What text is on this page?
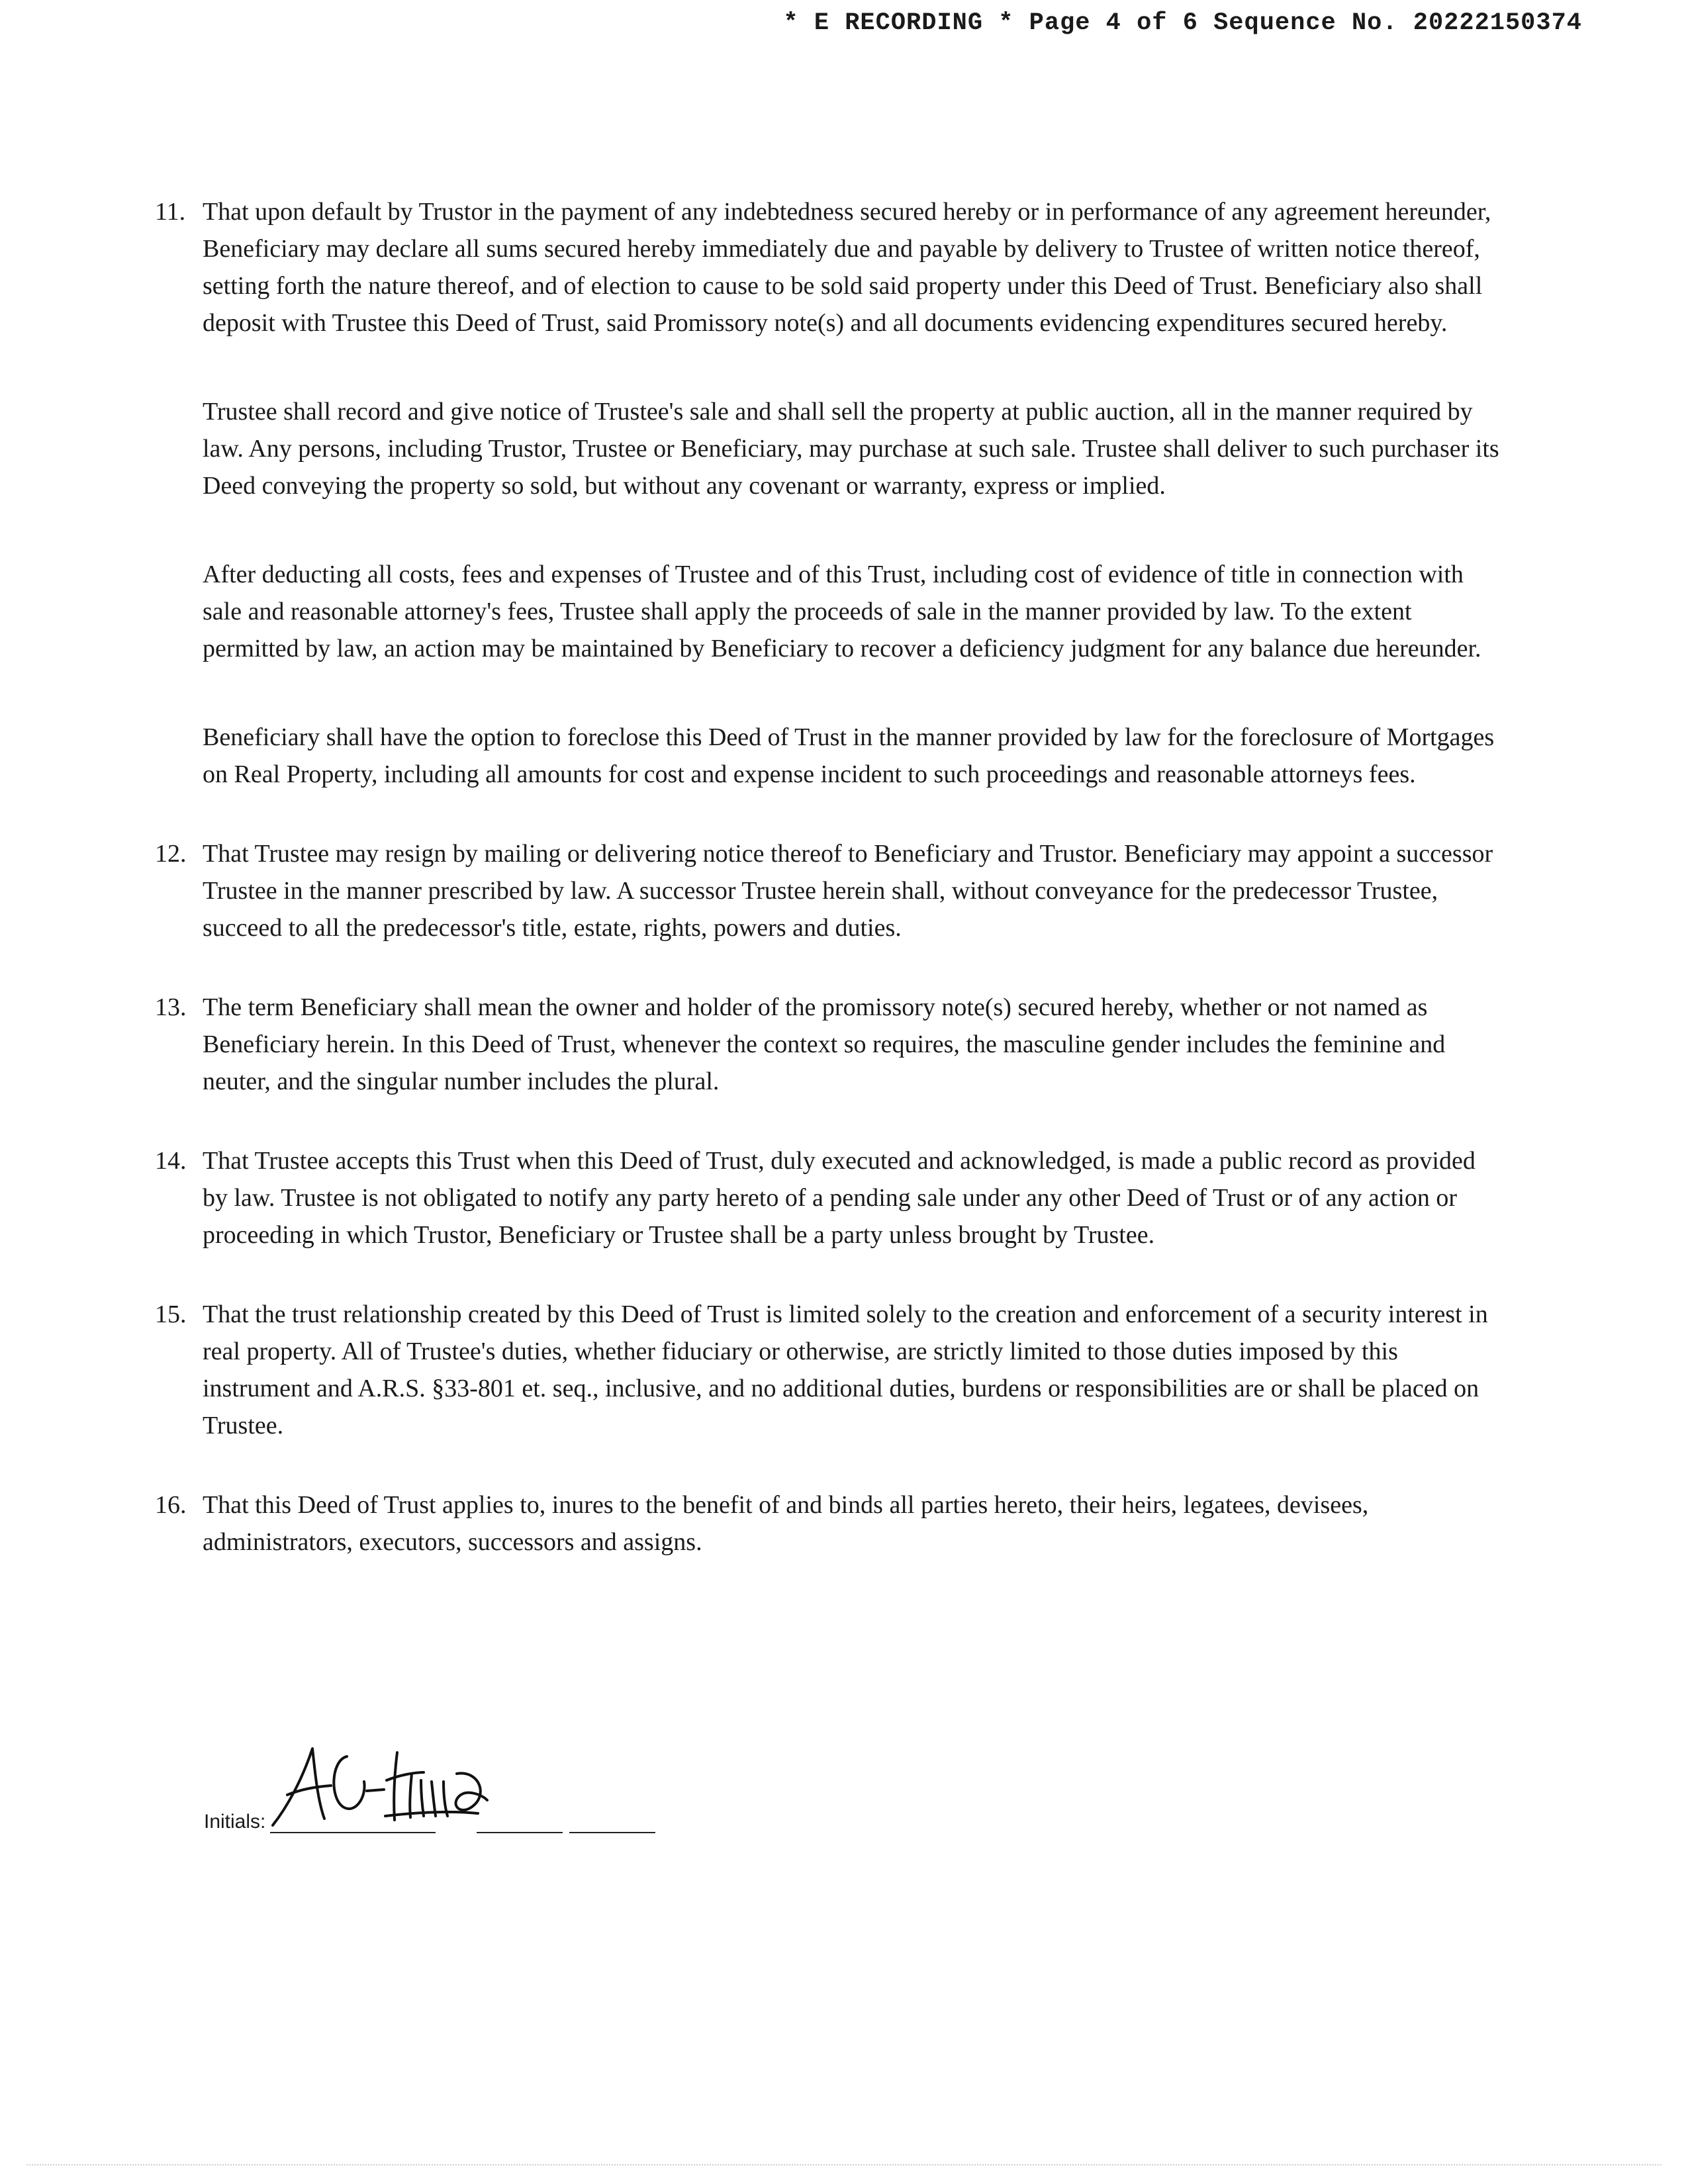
* E RECORDING * Page 4 of 6 Sequence No. 20222150374
11. That upon default by Trustor in the payment of any indebtedness secured hereby or in performance of any agreement hereunder, Beneficiary may declare all sums secured hereby immediately due and payable by delivery to Trustee of written notice thereof, setting forth the nature thereof, and of election to cause to be sold said property under this Deed of Trust. Beneficiary also shall deposit with Trustee this Deed of Trust, said Promissory note(s) and all documents evidencing expenditures secured hereby.

Trustee shall record and give notice of Trustee's sale and shall sell the property at public auction, all in the manner required by law. Any persons, including Trustor, Trustee or Beneficiary, may purchase at such sale. Trustee shall deliver to such purchaser its Deed conveying the property so sold, but without any covenant or warranty, express or implied.

After deducting all costs, fees and expenses of Trustee and of this Trust, including cost of evidence of title in connection with sale and reasonable attorney's fees, Trustee shall apply the proceeds of sale in the manner provided by law. To the extent permitted by law, an action may be maintained by Beneficiary to recover a deficiency judgment for any balance due hereunder.

Beneficiary shall have the option to foreclose this Deed of Trust in the manner provided by law for the foreclosure of Mortgages on Real Property, including all amounts for cost and expense incident to such proceedings and reasonable attorneys fees.

12. That Trustee may resign by mailing or delivering notice thereof to Beneficiary and Trustor. Beneficiary may appoint a successor Trustee in the manner prescribed by law. A successor Trustee herein shall, without conveyance for the predecessor Trustee, succeed to all the predecessor's title, estate, rights, powers and duties.

13. The term Beneficiary shall mean the owner and holder of the promissory note(s) secured hereby, whether or not named as Beneficiary herein. In this Deed of Trust, whenever the context so requires, the masculine gender includes the feminine and neuter, and the singular number includes the plural.

14. That Trustee accepts this Trust when this Deed of Trust, duly executed and acknowledged, is made a public record as provided by law. Trustee is not obligated to notify any party hereto of a pending sale under any other Deed of Trust or of any action or proceeding in which Trustor, Beneficiary or Trustee shall be a party unless brought by Trustee.

15. That the trust relationship created by this Deed of Trust is limited solely to the creation and enforcement of a security interest in real property. All of Trustee's duties, whether fiduciary or otherwise, are strictly limited to those duties imposed by this instrument and A.R.S. §33-801 et. seq., inclusive, and no additional duties, burdens or responsibilities are or shall be placed on Trustee.

16. That this Deed of Trust applies to, inures to the benefit of and binds all parties hereto, their heirs, legatees, devisees, administrators, executors, successors and assigns.

Initials:
